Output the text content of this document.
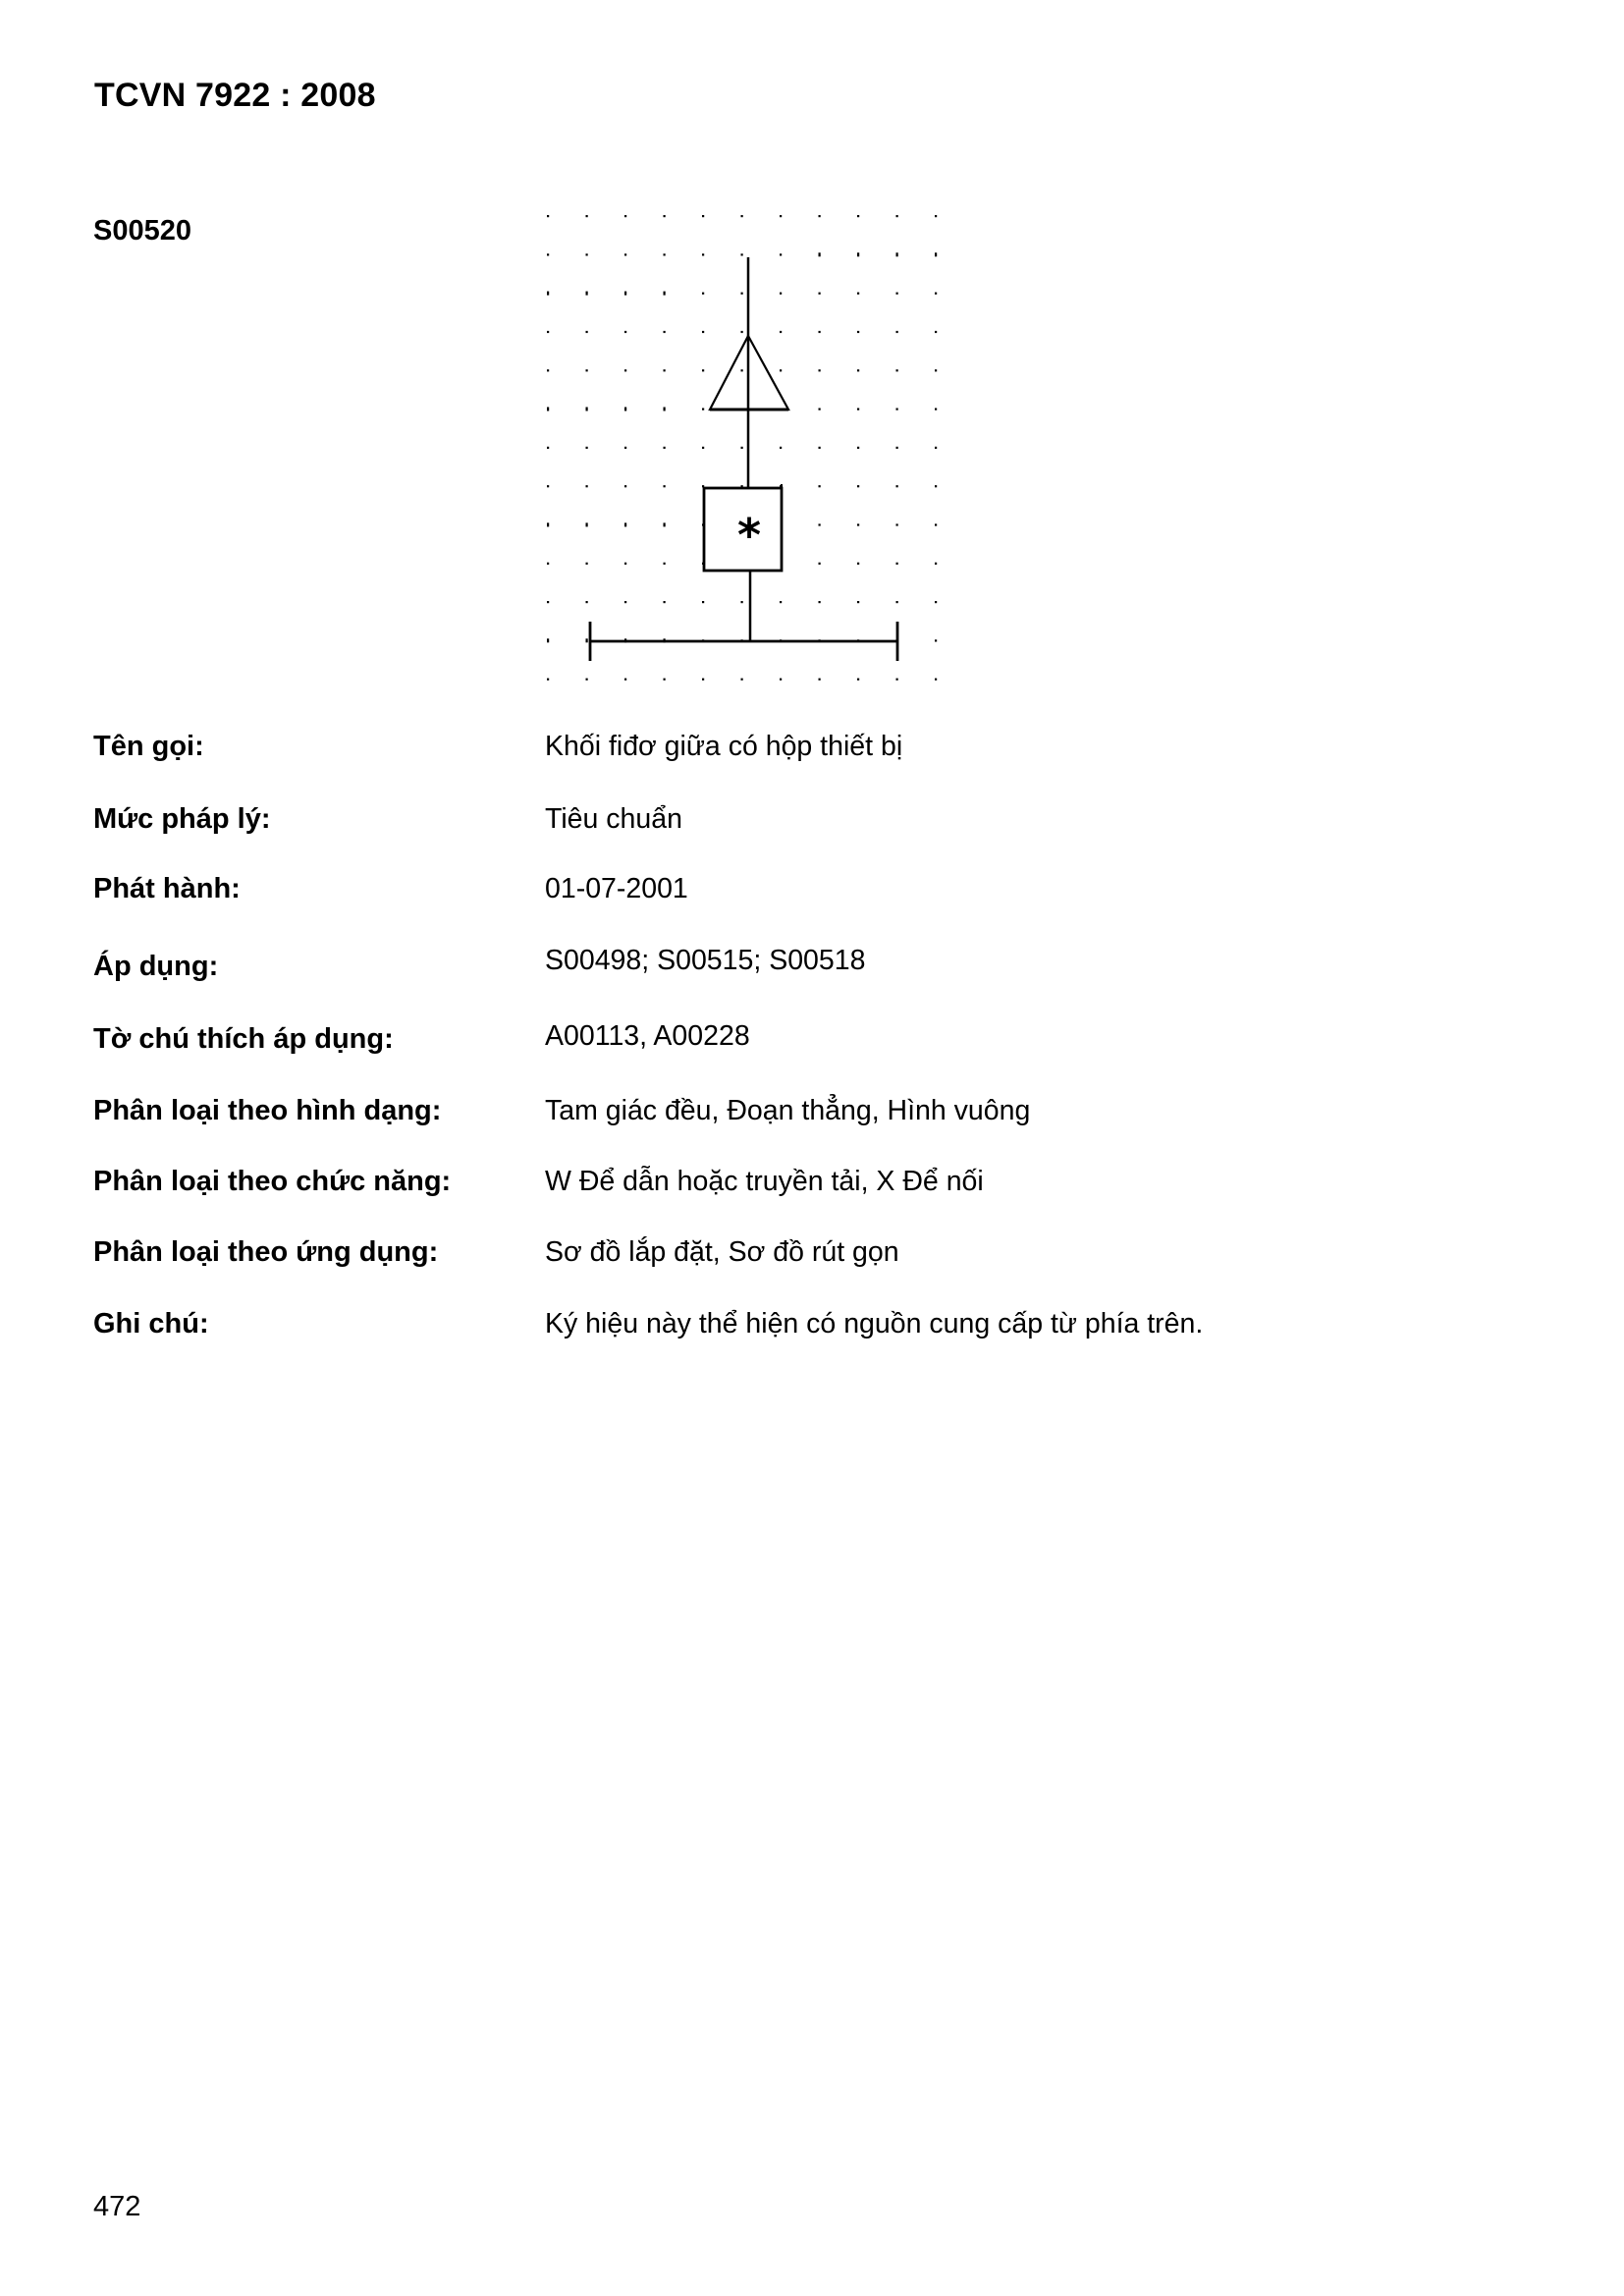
TCVN 7922 : 2008
S00520
*
Tên gọi:	Khối fiđơ giữa có hộp thiết bị
Mức pháp lý:	Tiêu chuẩn
Phát hành:	01-07-2001
Áp dụng:	S00498; S00515; S00518
Tờ chú thích áp dụng:	A00113, A00228
Phân loại theo hình dạng:	Tam giác đều, Đoạn thẳng, Hình vuông
Phân loại theo chức năng:	W Để dẫn hoặc truyền tải, X Để nối
Phân loại theo ứng dụng:	Sơ đồ lắp đặt, Sơ đồ rút gọn
Ghi chú:	Ký hiệu này thể hiện có nguồn cung cấp từ phía trên.
472
